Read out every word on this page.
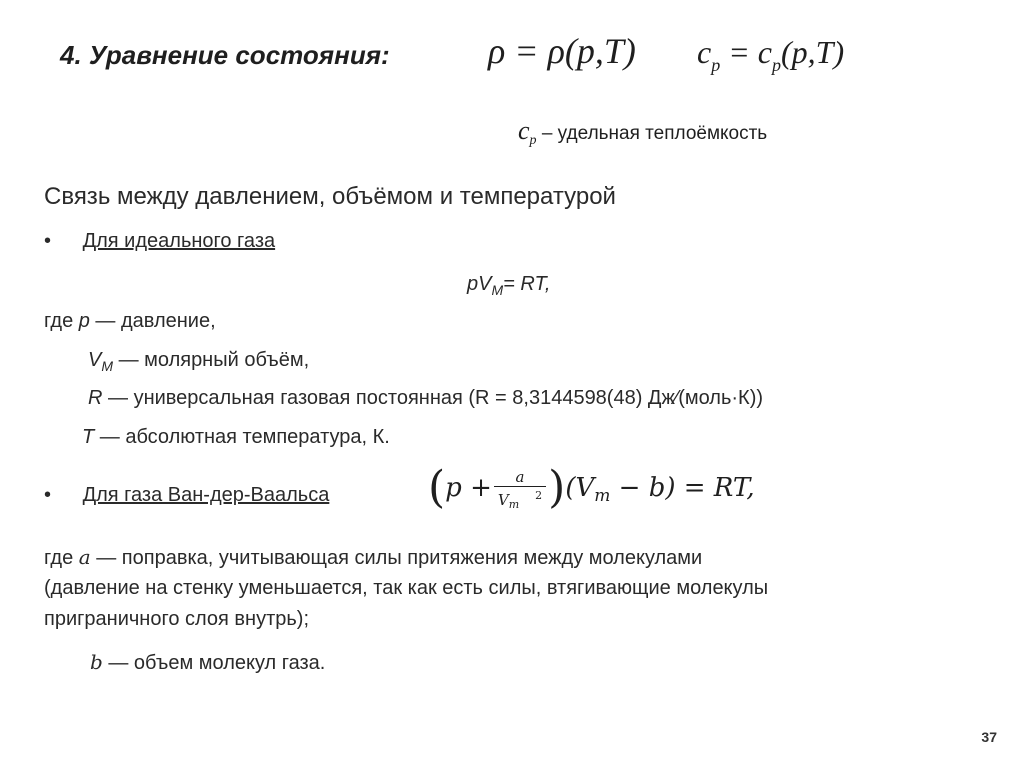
4. Уравнение состояния:	ρ = ρ(p,T) $c_p = c_p(p,T)$
$c_p$ – удельная теплоёмкость
Связь между давлением, объёмом и температурой
• Для идеального газа
$pV_M=$ RT,
где p — давление,
$V_M$ — молярный объём,
R — универсальная газовая постоянная (R = 8,3144598(48) Дж⁄(моль·К))
T — абсолютная температура, К.
• Для газа Ван-дер-Ваальса $(p + \frac{a}{V_m^2} )(V_m - b)$ = RT,
где a — поправка, учитывающая силы притяжения между молекулами
(давление на стенку уменьшается, так как есть силы, втягивающие молекулы
приграничного слоя внутрь);
b — объем молекул газа.
37
